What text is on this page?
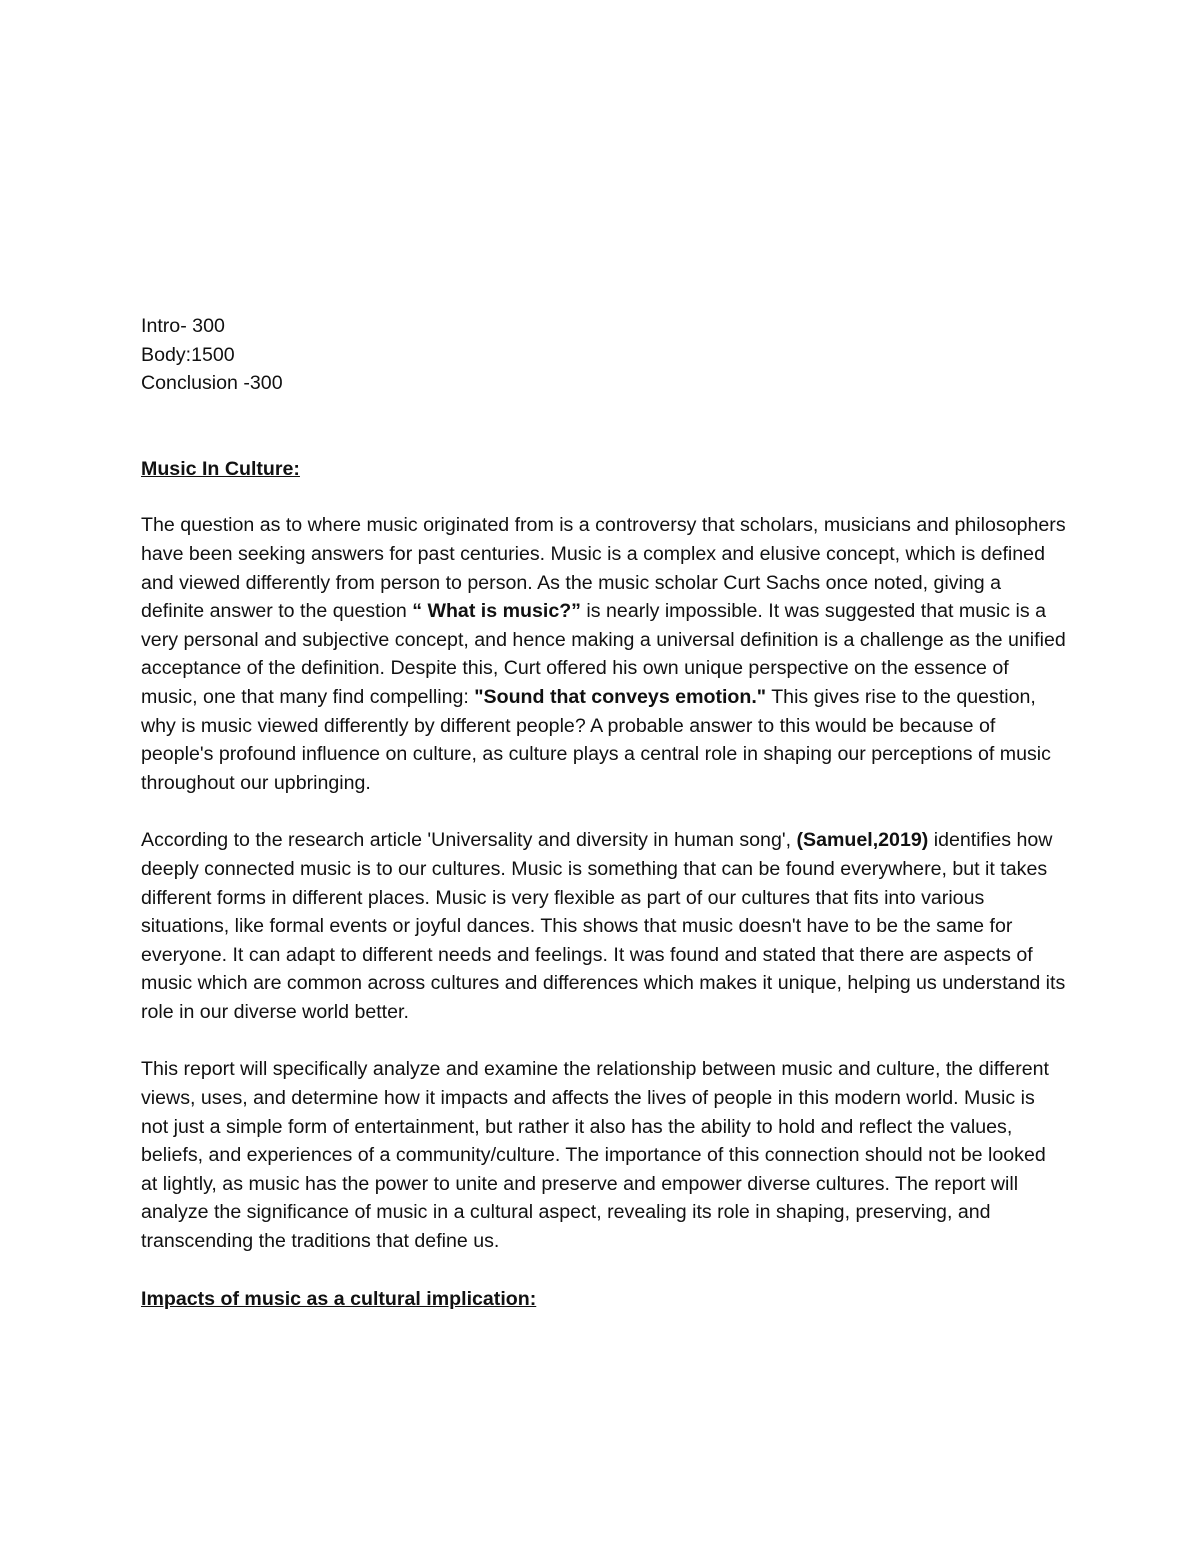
Intro- 300
Body:1500
Conclusion -300
Music In Culture:

The question as to where music originated from is a controversy that scholars, musicians and philosophers have been seeking answers for past centuries. Music is a complex and elusive concept, which is defined and viewed differently from person to person. As the music scholar Curt Sachs once noted, giving a definite answer to the question “ What is music?” is nearly impossible. It was suggested that music is a very personal and subjective concept, and hence making a universal definition is a challenge as the unified acceptance of the definition. Despite this, Curt offered his own unique perspective on the essence of music, one that many find compelling: "Sound that conveys emotion." This gives rise to the question, why is music viewed differently by different people? A probable answer to this would be because of people's profound influence on culture, as culture plays a central role in shaping our perceptions of music throughout our upbringing.

According to the research article 'Universality and diversity in human song', (Samuel,2019) identifies how deeply connected music is to our cultures. Music is something that can be found everywhere, but it takes different forms in different places. Music is very flexible as part of our cultures that fits into various situations, like formal events or joyful dances. This shows that music doesn't have to be the same for everyone. It can adapt to different needs and feelings. It was found and stated that there are aspects of music which are common across cultures and differences which makes it unique, helping us understand its role in our diverse world better.

This report will specifically analyze and examine the relationship between music and culture, the different views, uses, and determine how it impacts and affects the lives of people in this modern world. Music is not just a simple form of entertainment, but rather it also has the ability to hold and reflect the values, beliefs, and experiences of a community/culture. The importance of this connection should not be looked at lightly, as music has the power to unite and preserve and empower diverse cultures. The report will analyze the significance of music in a cultural aspect, revealing its role in shaping, preserving, and transcending the traditions that define us.

Impacts of music as a cultural implication:
